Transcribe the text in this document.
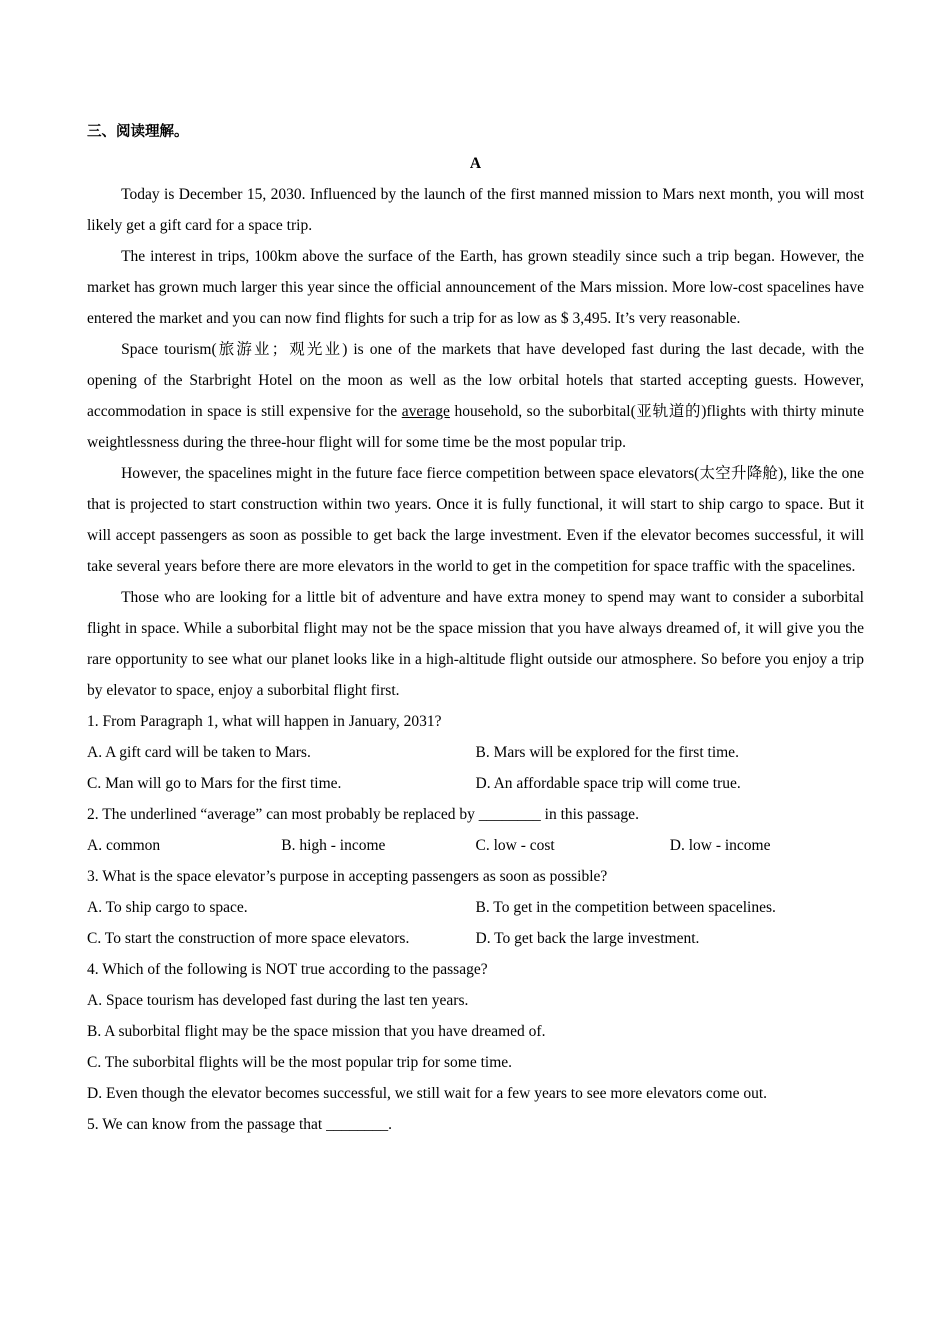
三、阅读理解。
A

Today is December 15, 2030. Influenced by the launch of the first manned mission to Mars next month, you will most likely get a gift card for a space trip.

The interest in trips, 100km above the surface of the Earth, has grown steadily since such a trip began. However, the market has grown much larger this year since the official announcement of the Mars mission. More low-cost spacelines have entered the market and you can now find flights for such a trip for as low as $ 3,495. It’s very reasonable.

Space tourism(旅游业；观光业) is one of the markets that have developed fast during the last decade, with the opening of the Starbright Hotel on the moon as well as the low orbital hotels that started accepting guests. However, accommodation in space is still expensive for the average household, so the suborbital(亚轨道的)flights with thirty minute weightlessness during the three-hour flight will for some time be the most popular trip.

However, the spacelines might in the future face fierce competition between space elevators(太空升降舱), like the one that is projected to start construction within two years. Once it is fully functional, it will start to ship cargo to space. But it will accept passengers as soon as possible to get back the large investment. Even if the elevator becomes successful, it will take several years before there are more elevators in the world to get in the competition for space traffic with the spacelines.

Those who are looking for a little bit of adventure and have extra money to spend may want to consider a suborbital flight in space. While a suborbital flight may not be the space mission that you have always dreamed of, it will give you the rare opportunity to see what our planet looks like in a high-altitude flight outside our atmosphere. So before you enjoy a trip by elevator to space, enjoy a suborbital flight first.

1. From Paragraph 1, what will happen in January, 2031?

A. A gift card will be taken to Mars.	B. Mars will be explored for the first time.
C. Man will go to Mars for the first time.	D. An affordable space trip will come true.

2. The underlined “average” can most probably be replaced by ________ in this passage.

A. common	B. high - income	C. low - cost	D. low - income

3. What is the space elevator’s purpose in accepting passengers as soon as possible?

A. To ship cargo to space.	B. To get in the competition between spacelines.
C. To start the construction of more space elevators.	D. To get back the large investment.

4. Which of the following is NOT true according to the passage?

A. Space tourism has developed fast during the last ten years.
B. A suborbital flight may be the space mission that you have dreamed of.
C. The suborbital flights will be the most popular trip for some time.
D. Even though the elevator becomes successful, we still wait for a few years to see more elevators come out.

5. We can know from the passage that ________.
